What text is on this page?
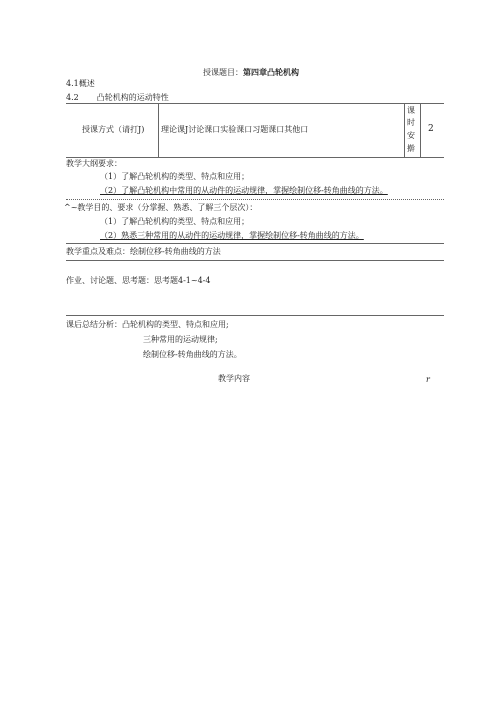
授课题目：第四章凸轮机构
4.1概述
4.2 凸轮机构的运动特性
授课方式（请打J) 理论课J讨论课口实验课口习题课口其他口
课
时
安
擀
2
教学大纲要求：
（1）了解凸轮机构的类型、特点和应用；
（2）了解凸轮机构中常用的从动件的运动规律，掌握绘制位移-转角曲线的方法。
^~教学目的、要求（分掌握、熟悉、了解三个层次）：
（1）了解凸轮机构的类型、特点和应用；
（2）熟悉三种常用的从动件的运动规律，掌握绘制位移-转角曲线的方法。
教学重点及难点：绘制位移-转角曲线的方法
作业、讨论题、思考题：思考题4-1~4-4
课后总结分析：凸轮机构的类型、特点和应用;
三种常用的运动规律;
绘制位移-转角曲线的方法。
教学内容	r
